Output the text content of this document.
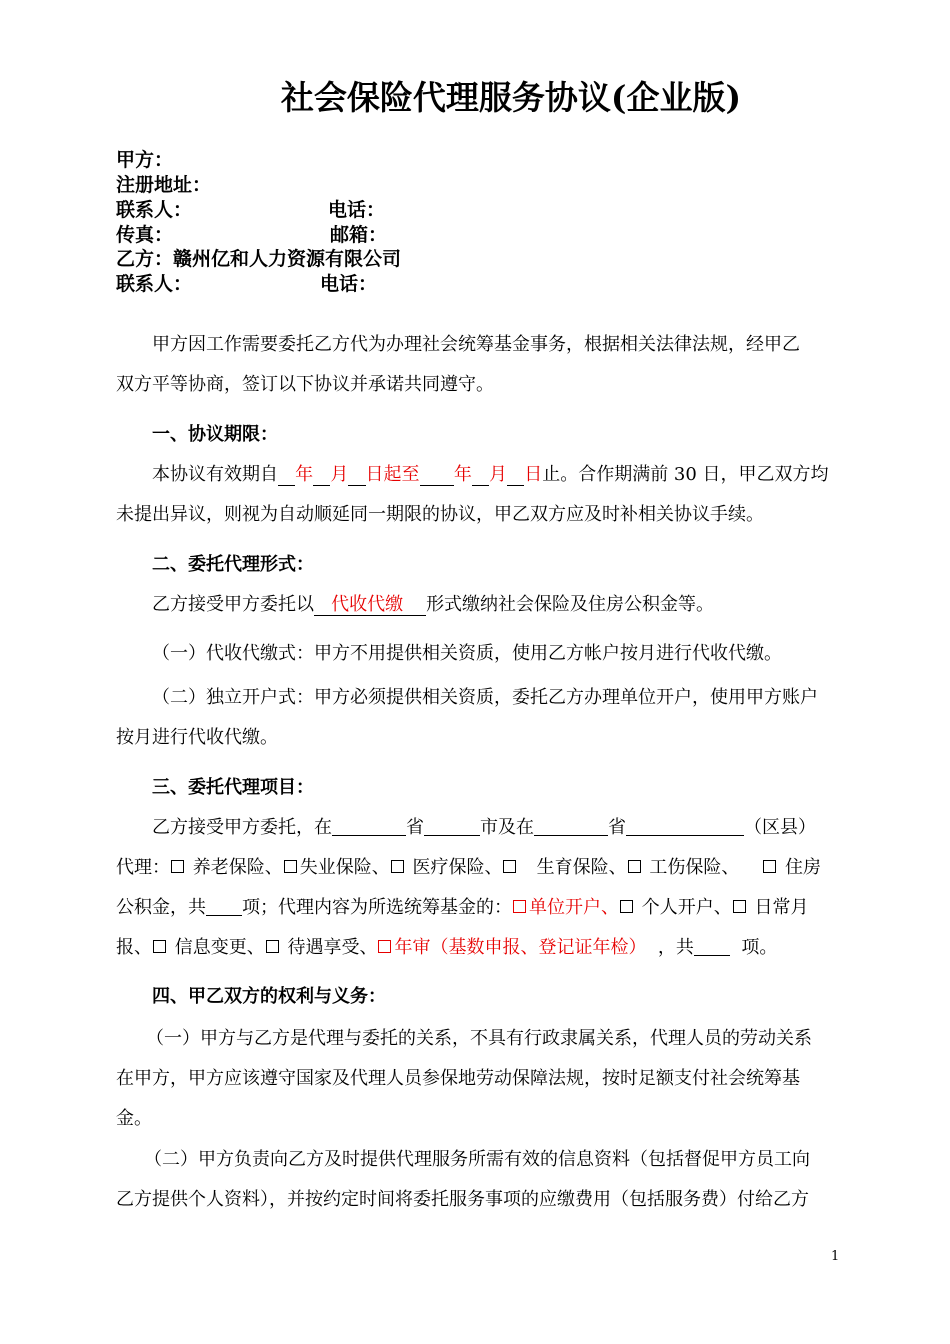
社会保险代理服务协议(企业版)
甲方：
注册地址：
联系人：	电话：
传真：	邮箱：
乙方：赣州亿和人力资源有限公司
联系人：	电话：
甲方因工作需要委托乙方代为办理社会统筹基金事务，根据相关法律法规，经甲乙
双方平等协商，签订以下协议并承诺共同遵守。
一、协议期限：
本协议有效期自 年 月 日起至 年 月 日止。合作期满前 30 日，甲乙双方均
未提出异议，则视为自动顺延同一期限的协议，甲乙双方应及时补相关协议手续。
二、委托代理形式：
乙方接受甲方委托以 代收代缴 形式缴纳社会保险及住房公积金等。
（一）代收代缴式：甲方不用提供相关资质，使用乙方帐户按月进行代收代缴。
（二）独立开户式：甲方必须提供相关资质，委托乙方办理单位开户，使用甲方账户
按月进行代收代缴。
三、委托代理项目：
乙方接受甲方委托，在	省	市及在	省	（区县）
代理： 养老保险、 失业保险、 医疗保险、 生育保险、 工伤保险、	住房
公积金，共 项；代理内容为所选统筹基金的： 单位开户、 个人开户、 日常月
报、 信息变更、 待遇享受、 年审（基数申报、登记证年检） ，共	项。
四、甲乙双方的权利与义务：
（一）甲方与乙方是代理与委托的关系，不具有行政隶属关系，代理人员的劳动关系
在甲方，甲方应该遵守国家及代理人员参保地劳动保障法规，按时足额支付社会统筹基
金。
（二）甲方负责向乙方及时提供代理服务所需有效的信息资料（包括督促甲方员工向
乙方提供个人资料），并按约定时间将委托服务事项的应缴费用（包括服务费）付给乙方
1
